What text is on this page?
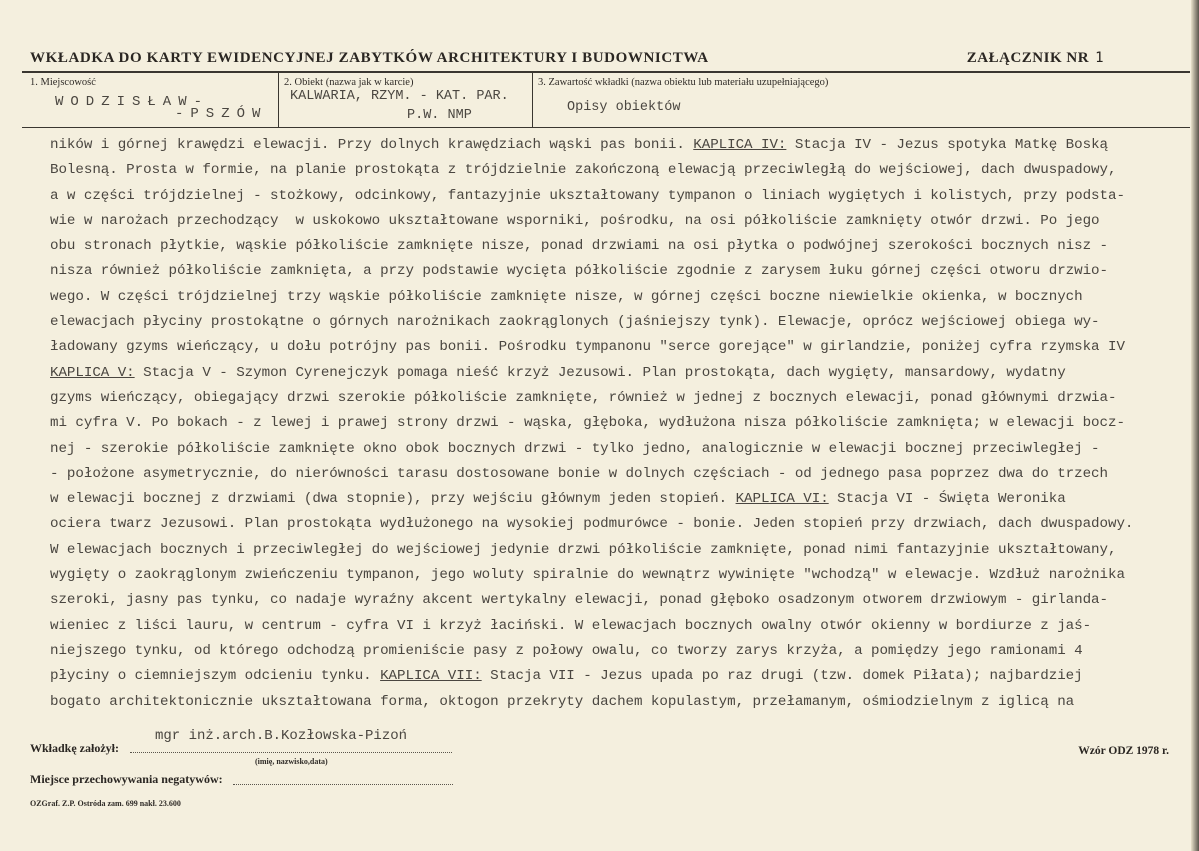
WKŁADKA DO KARTY EWIDENCYJNEJ ZABYTKÓW ARCHITEKTURY I BUDOWNICTWA	ZAŁĄCZNIK NR 1
1. Miejscowość
WODZISŁAW-
-PSZÓW
2. Obiekt (nazwa jak w karcie)
KALWARIA, RZYM. - KAT. PAR.
P.W. NMP
3. Zawartość wkładki (nazwa obiektu lub materiału uzupełniającego)
Opisy obiektów
ników i górnej krawędzi elewacji. Przy dolnych krawędziach wąski pas bonii. KAPLICA IV: Stacja IV - Jezus spotyka Matkę Boską
Bolesną. Prosta w formie, na planie prostokąta z trójdzielnie zakończoną elewacją przeciwległą do wejściowej, dach dwuspadowy,
a w części trójdzielnej - stożkowy, odcinkowy, fantazyjnie ukształtowany tympanon o liniach wygiętych i kolistych, przy podsta-
wie w narożach przechodzący  w uskokowo ukształtowane wsporniki, pośrodku, na osi półkoliście zamknięty otwór drzwi. Po jego
obu stronach płytkie, wąskie półkoliście zamknięte nisze, ponad drzwiami na osi płytka o podwójnej szerokości bocznych nisz -
nisza również półkoliście zamknięta, a przy podstawie wycięta półkoliście zgodnie z zarysem łuku górnej części otworu drzwio-
wego. W części trójdzielnej trzy wąskie półkoliście zamknięte nisze, w górnej części boczne niewielkie okienka, w bocznych
elewacjach płyciny prostokątne o górnych narożnikach zaokrąglonych (jaśniejszy tynk). Elewacje, oprócz wejściowej obiega wy-
ładowany gzyms wieńczący, u dołu potrójny pas bonii. Pośrodku tympanonu "serce gorejące" w girlandzie, poniżej cyfra rzymska IV
KAPLICA V: Stacja V - Szymon Cyrenejczyk pomaga nieść krzyż Jezusowi. Plan prostokąta, dach wygięty, mansardowy, wydatny
gzyms wieńczący, obiegający drzwi szerokie półkoliście zamknięte, również w jednej z bocznych elewacji, ponad głównymi drzwia-
mi cyfra V. Po bokach - z lewej i prawej strony drzwi - wąska, głęboka, wydłużona nisza półkoliście zamknięta; w elewacji bocz-
nej - szerokie półkoliście zamknięte okno obok bocznych drzwi - tylko jedno, analogicznie w elewacji bocznej przeciwległej -
- położone asymetrycznie, do nierówności tarasu dostosowane bonie w dolnych częściach - od jednego pasa poprzez dwa do trzech
w elewacji bocznej z drzwiami (dwa stopnie), przy wejściu głównym jeden stopień. KAPLICA VI: Stacja VI - Święta Weronika
ociera twarz Jezusowi. Plan prostokąta wydłużonego na wysokiej podmurówce - bonie. Jeden stopień przy drzwiach, dach dwuspadowy.
W elewacjach bocznych i przeciwległej do wejściowej jedynie drzwi półkoliście zamknięte, ponad nimi fantazyjnie ukształtowany,
wygięty o zaokrąglonym zwieńczeniu tympanon, jego woluty spiralnie do wewnątrz wywinięte "wchodzą" w elewacje. Wzdłuż narożnika
szeroki, jasny pas tynku, co nadaje wyraźny akcent wertykalny elewacji, ponad głęboko osadzonym otworem drzwiowym - girlanda-
wieniec z liści lauru, w centrum - cyfra VI i krzyż łaciński. W elewacjach bocznych owalny otwór okienny w bordiurze z jaś-
niejszego tynku, od którego odchodzą promieniście pasy z połowy owalu, co tworzy zarys krzyża, a pomiędzy jego ramionami 4
płyciny o ciemniejszym odcieniu tynku. KAPLICA VII: Stacja VII - Jezus upada po raz drugi (tzw. domek Piłata); najbardziej
bogato architektonicznie ukształtowana forma, oktogon przekryty dachem kopulastym, przełamanym, ośmiodzielnym z iglicą na
Wkładkę założył:
mgr inż.arch.B.Kozłowska-Pizoń
(imię, nazwisko,data)
Wzór ODZ 1978 r.
Miejsce przechowywania negatywów:
OZGraf. Z.P. Ostróda zam. 699 nakł. 23.600
